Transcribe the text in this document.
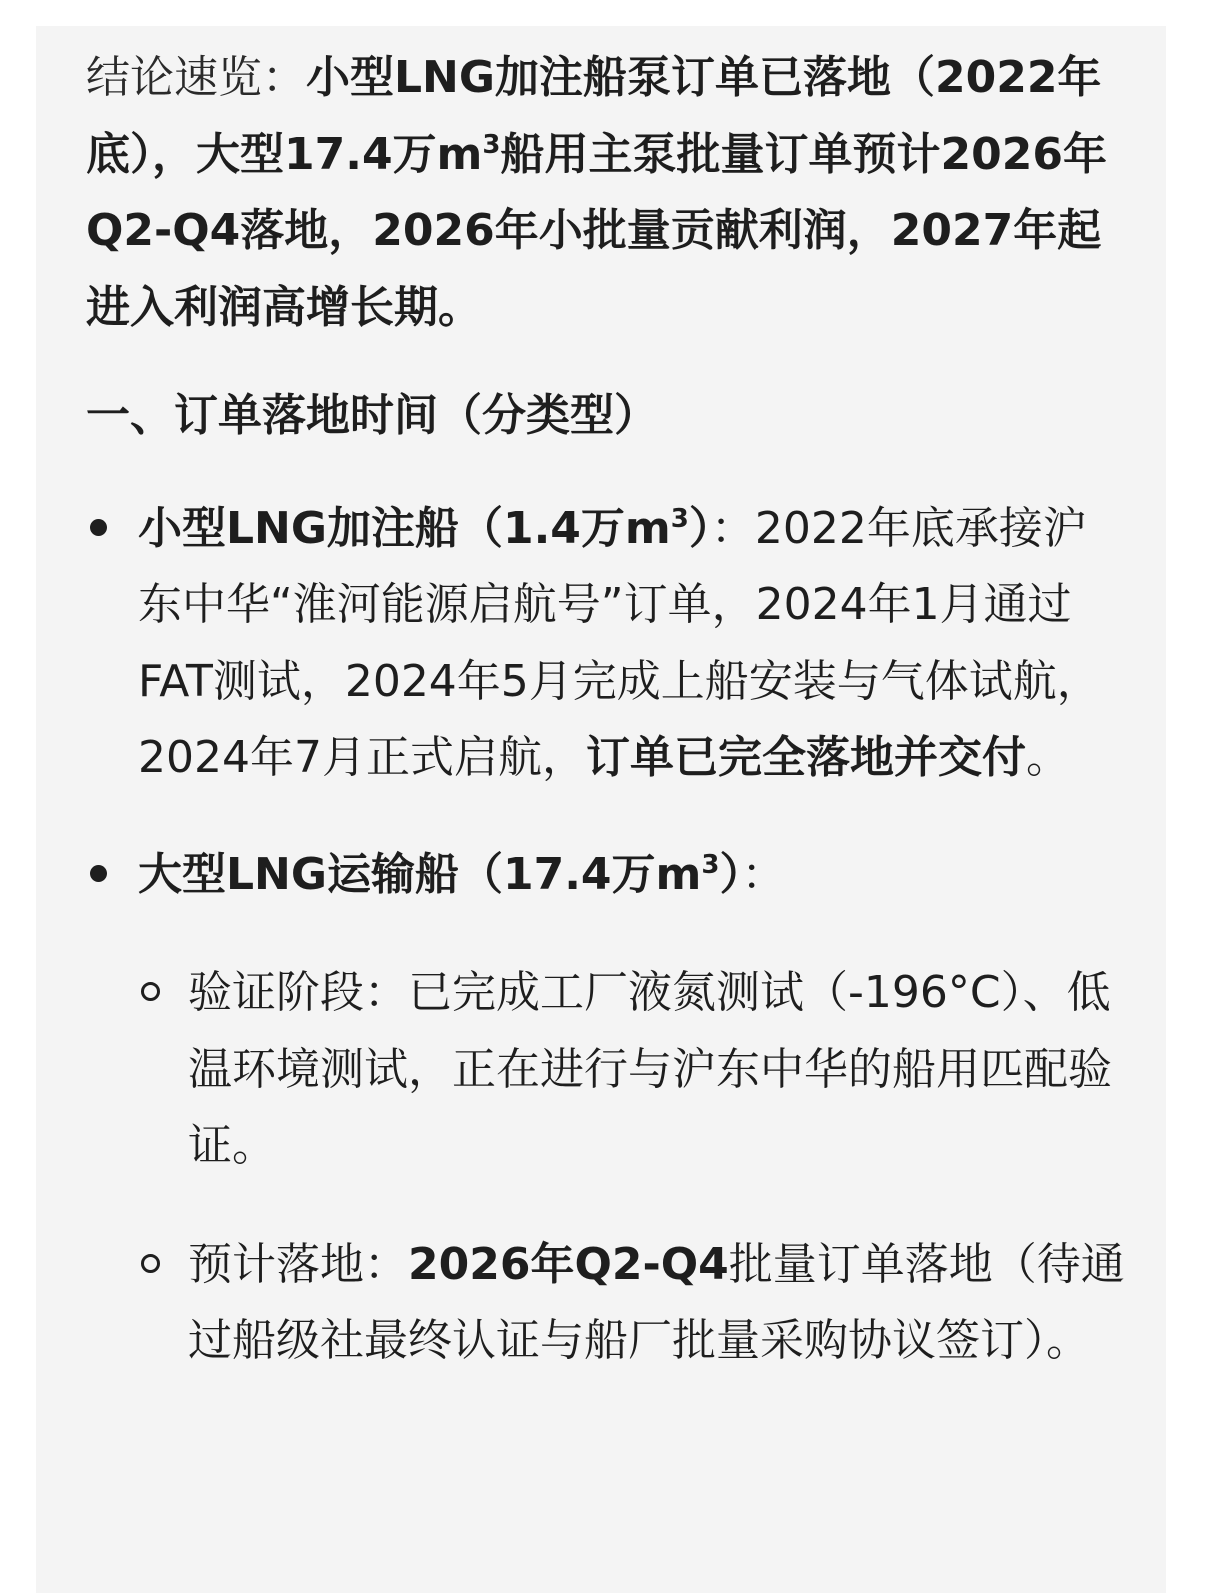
结论速览：小型LNG加注船泵订单已落地（2022年底），大型17.4万$m^3$船用主泵批量订单预计2026年Q2-Q4落地，2026年小批量贡献利润，2027年起进入利润高增长期。

一、订单落地时间（分类型）

小型LNG加注船（1.4万$m^3$）：2022年底承接沪东中华“淮河能源启航号”订单，2024年1月通过FAT测试，2024年5月完成上船安装与气体试航，2024年7月正式启航，订单已完全落地并交付。
大型LNG运输船（17.4万$m^3$）：
验证阶段：已完成工厂液氮测试（-196°C）、低温环境测试，正在进行与沪东中华的船用匹配验证。
预计落地：2026年Q2-Q4批量订单落地（待通过船级社最终认证与船厂批量采购协议签订）。
